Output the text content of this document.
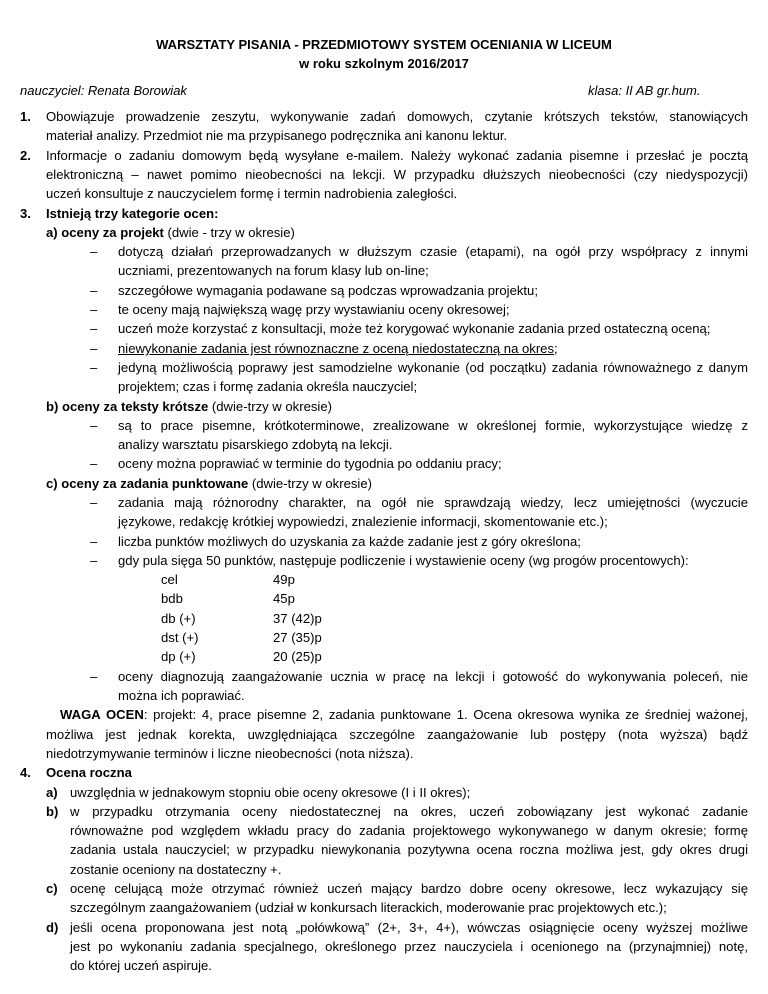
WARSZTATY PISANIA - PRZEDMIOTOWY SYSTEM OCENIANIA W LICEUM
w roku szkolnym 2016/2017
nauczyciel: Renata Borowiak	klasa: II AB gr.hum.
1. Obowiązuje prowadzenie zeszytu, wykonywanie zadań domowych, czytanie krótszych tekstów, stanowiących
materiał analizy. Przedmiot nie ma przypisanego podręcznika ani kanonu lektur.
2. Informacje o zadaniu domowym będą wysyłane e-mailem. Należy wykonać zadania pisemne i przesłać je pocztą
elektroniczną – nawet pomimo nieobecności na lekcji. W przypadku dłuższych nieobecności (czy niedyspozycji)
uczeń konsultuje z nauczycielem formę i termin nadrobienia zaległości.
3. Istnieją trzy kategorie ocen:
a) oceny za projekt (dwie - trzy w okresie)
– dotyczą działań przeprowadzanych w dłuższym czasie (etapami), na ogół przy współpracy z innymi
uczniami, prezentowanych na forum klasy lub on-line;
– szczegółowe wymagania podawane są podczas wprowadzania projektu;
– te oceny mają największą wagę przy wystawianiu oceny okresowej;
– uczeń może korzystać z konsultacji, może też korygować wykonanie zadania przed ostateczną oceną;
– niewykonanie zadania jest równoznaczne z oceną niedostateczną na okres;
– jedyną możliwością poprawy jest samodzielne wykonanie (od początku) zadania równoważnego z danym
projektem; czas i formę zadania określa nauczyciel;
b) oceny za teksty krótsze (dwie-trzy w okresie)
– są to prace pisemne, krótkoterminowe, zrealizowane w określonej formie, wykorzystujące wiedzę z
analizy warsztatu pisarskiego zdobytą na lekcji.
– oceny można poprawiać w terminie do tygodnia po oddaniu pracy;
c) oceny za zadania punktowane (dwie-trzy w okresie)
– zadania mają różnorodny charakter, na ogół nie sprawdzają wiedzy, lecz umiejętności (wyczucie
językowe, redakcję krótkiej wypowiedzi, znalezienie informacji, skomentowanie etc.);
– liczba punktów możliwych do uzyskania za każde zadanie jest z góry określona;
– gdy pula sięga 50 punktów, następuje podliczenie i wystawienie oceny (wg progów procentowych):
cel	49p
bdb	45p
db (+)	37 (42)p
dst (+)	27 (35)p
dp (+)	20 (25)p
– oceny diagnozują zaangażowanie ucznia w pracę na lekcji i gotowość do wykonywania poleceń, nie
można ich poprawiać.
WAGA OCEN: projekt: 4, prace pisemne 2, zadania punktowane 1. Ocena okresowa wynika ze średniej ważonej,
możliwa jest jednak korekta, uwzględniająca szczególne zaangażowanie lub postępy (nota wyższa) bądź
niedotrzymywanie terminów i liczne nieobecności (nota niższa).
4. Ocena roczna
a) uwzględnia w jednakowym stopniu obie oceny okresowe (I i II okres);
b) w przypadku otrzymania oceny niedostatecznej na okres, uczeń zobowiązany jest wykonać zadanie
równoważne pod względem wkładu pracy do zadania projektowego wykonywanego w danym okresie; formę
zadania ustala nauczyciel; w przypadku niewykonania pozytywna ocena roczna możliwa jest, gdy okres drugi
zostanie oceniony na dostateczny +.
c) ocenę celującą może otrzymać również uczeń mający bardzo dobre oceny okresowe, lecz wykazujący się
szczególnym zaangażowaniem (udział w konkursach literackich, moderowanie prac projektowych etc.);
d) jeśli ocena proponowana jest notą „połówkową” (2+, 3+, 4+), wówczas osiągnięcie oceny wyższej możliwe
jest po wykonaniu zadania specjalnego, określonego przez nauczyciela i ocenionego na (przynajmniej) notę,
do której uczeń aspiruje.
